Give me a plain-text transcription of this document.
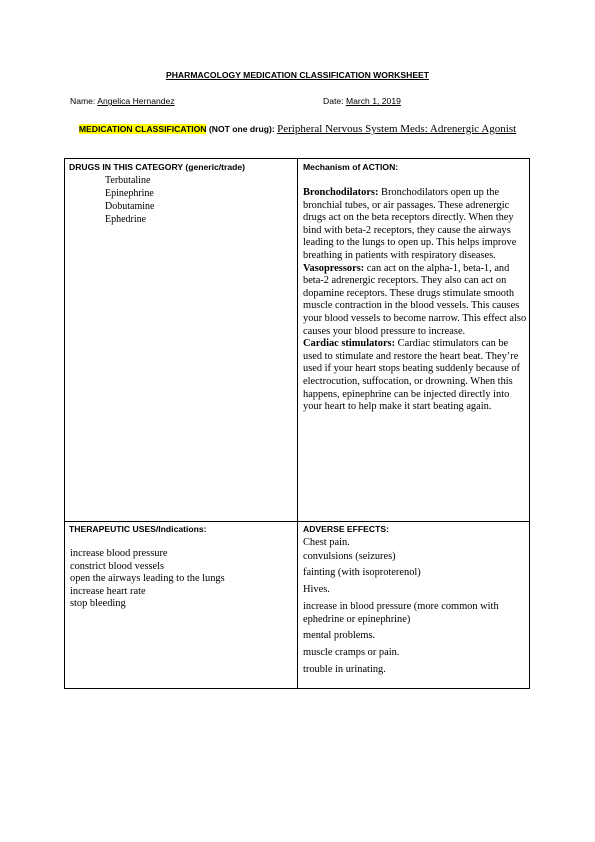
PHARMACOLOGY MEDICATION CLASSIFICATION WORKSHEET
Name: Angelica Hernandez	Date: March 1, 2019
MEDICATION CLASSIFICATION (NOT one drug): Peripheral Nervous System Meds: Adrenergic Agonist
DRUGS IN THIS CATEGORY (generic/trade)
Terbutaline
Epinephrine
Dobutamine
Ephedrine
Mechanism of ACTION:

Bronchodilators: Bronchodilators open up the bronchial tubes, or air passages. These adrenergic drugs act on the beta receptors directly. When they bind with beta-2 receptors, they cause the airways leading to the lungs to open up. This helps improve breathing in patients with respiratory diseases.

Vasopressors: can act on the alpha-1, beta-1, and beta-2 adrenergic receptors. They also can act on dopamine receptors. These drugs stimulate smooth muscle contraction in the blood vessels. This causes your blood vessels to become narrow. This effect also causes your blood pressure to increase.

Cardiac stimulators: Cardiac stimulators can be used to stimulate and restore the heart beat. They’re used if your heart stops beating suddenly because of electrocution, suffocation, or drowning. When this happens, epinephrine can be injected directly into your heart to help make it start beating again.

THERAPEUTIC USES/Indications:
increase blood pressure
constrict blood vessels
open the airways leading to the lungs
increase heart rate
stop bleeding
ADVERSE EFFECTS:
Chest pain.
convulsions (seizures)
fainting (with isoproterenol)
Hives.
increase in blood pressure (more common with ephedrine or epinephrine)
mental problems.
muscle cramps or pain.
trouble in urinating.
